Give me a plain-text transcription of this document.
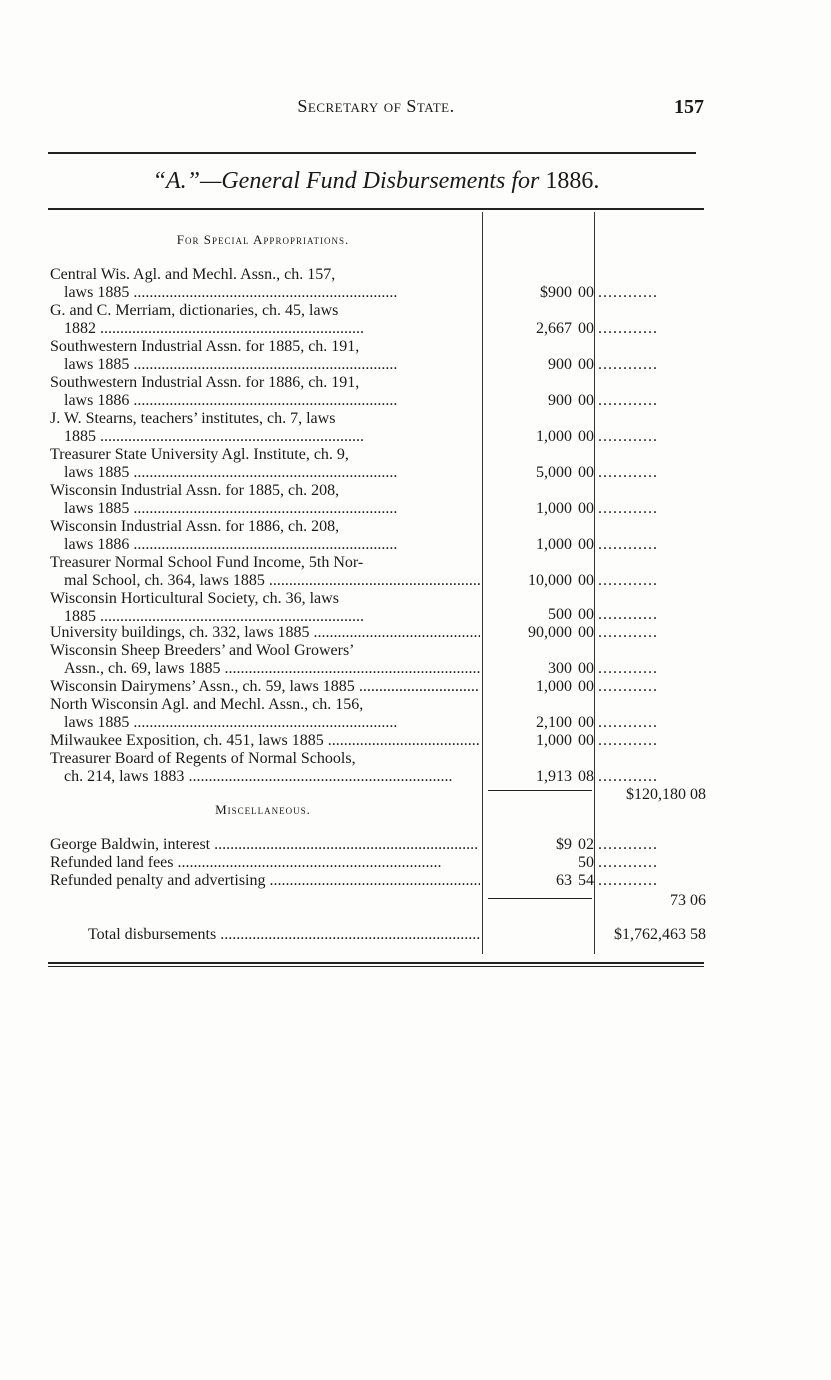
Secretary of State.	157
“A.”—General Fund Disbursements for 1886.
For Special Appropriations.
Central Wis. Agl. and Mechl. Assn., ch. 157,
laws 1885 .....	$900 00 ............
G. and C. Merriam, dictionaries, ch. 45, laws
1882 .....	2,667 00 ............
Southwestern Industrial Assn. for 1885, ch. 191,
laws 1885 .....	900 00 ............
Southwestern Industrial Assn. for 1886, ch. 191,
laws 1886 .....	900 00 ............
J. W. Stearns, teachers’ institutes, ch. 7, laws
1885 .....	1,000 00 ............
Treasurer State University Agl. Institute, ch. 9,
laws 1885 .....	5,000 00 ............
Wisconsin Industrial Assn. for 1885, ch. 208,
laws 1885 .....	1,000 00 ............
Wisconsin Industrial Assn. for 1886, ch. 208,
laws 1886 .....	1,000 00 ............
Treasurer Normal School Fund Income, 5th Nor-
mal School, ch. 364, laws 1885 .....	10,000 00 ............
Wisconsin Horticultural Society, ch. 36, laws
1885 .....	500 00 ............
University buildings, ch. 332, laws 1885 .....	90,000 00 ............
Wisconsin Sheep Breeders’ and Wool Growers’
Assn., ch. 69, laws 1885 .....	300 00 ............
Wisconsin Dairymens’ Assn., ch. 59, laws 1885 .....	1,000 00 ............
North Wisconsin Agl. and Mechl. Assn., ch. 156,
laws 1885 .....	2,100 00 ............
Milwaukee Exposition, ch. 451, laws 1885 .....	1,000 00 ............
Treasurer Board of Regents of Normal Schools,
ch. 214, laws 1883 .....	1,913 08 ............
$120,180 08
Miscellaneous.
George Baldwin, interest .....	$9 02 ............
Refunded land fees .....	50 ............
Refunded penalty and advertising .....	63 54 ............
73 06
Total disbursements .....	$1,762,463 58
